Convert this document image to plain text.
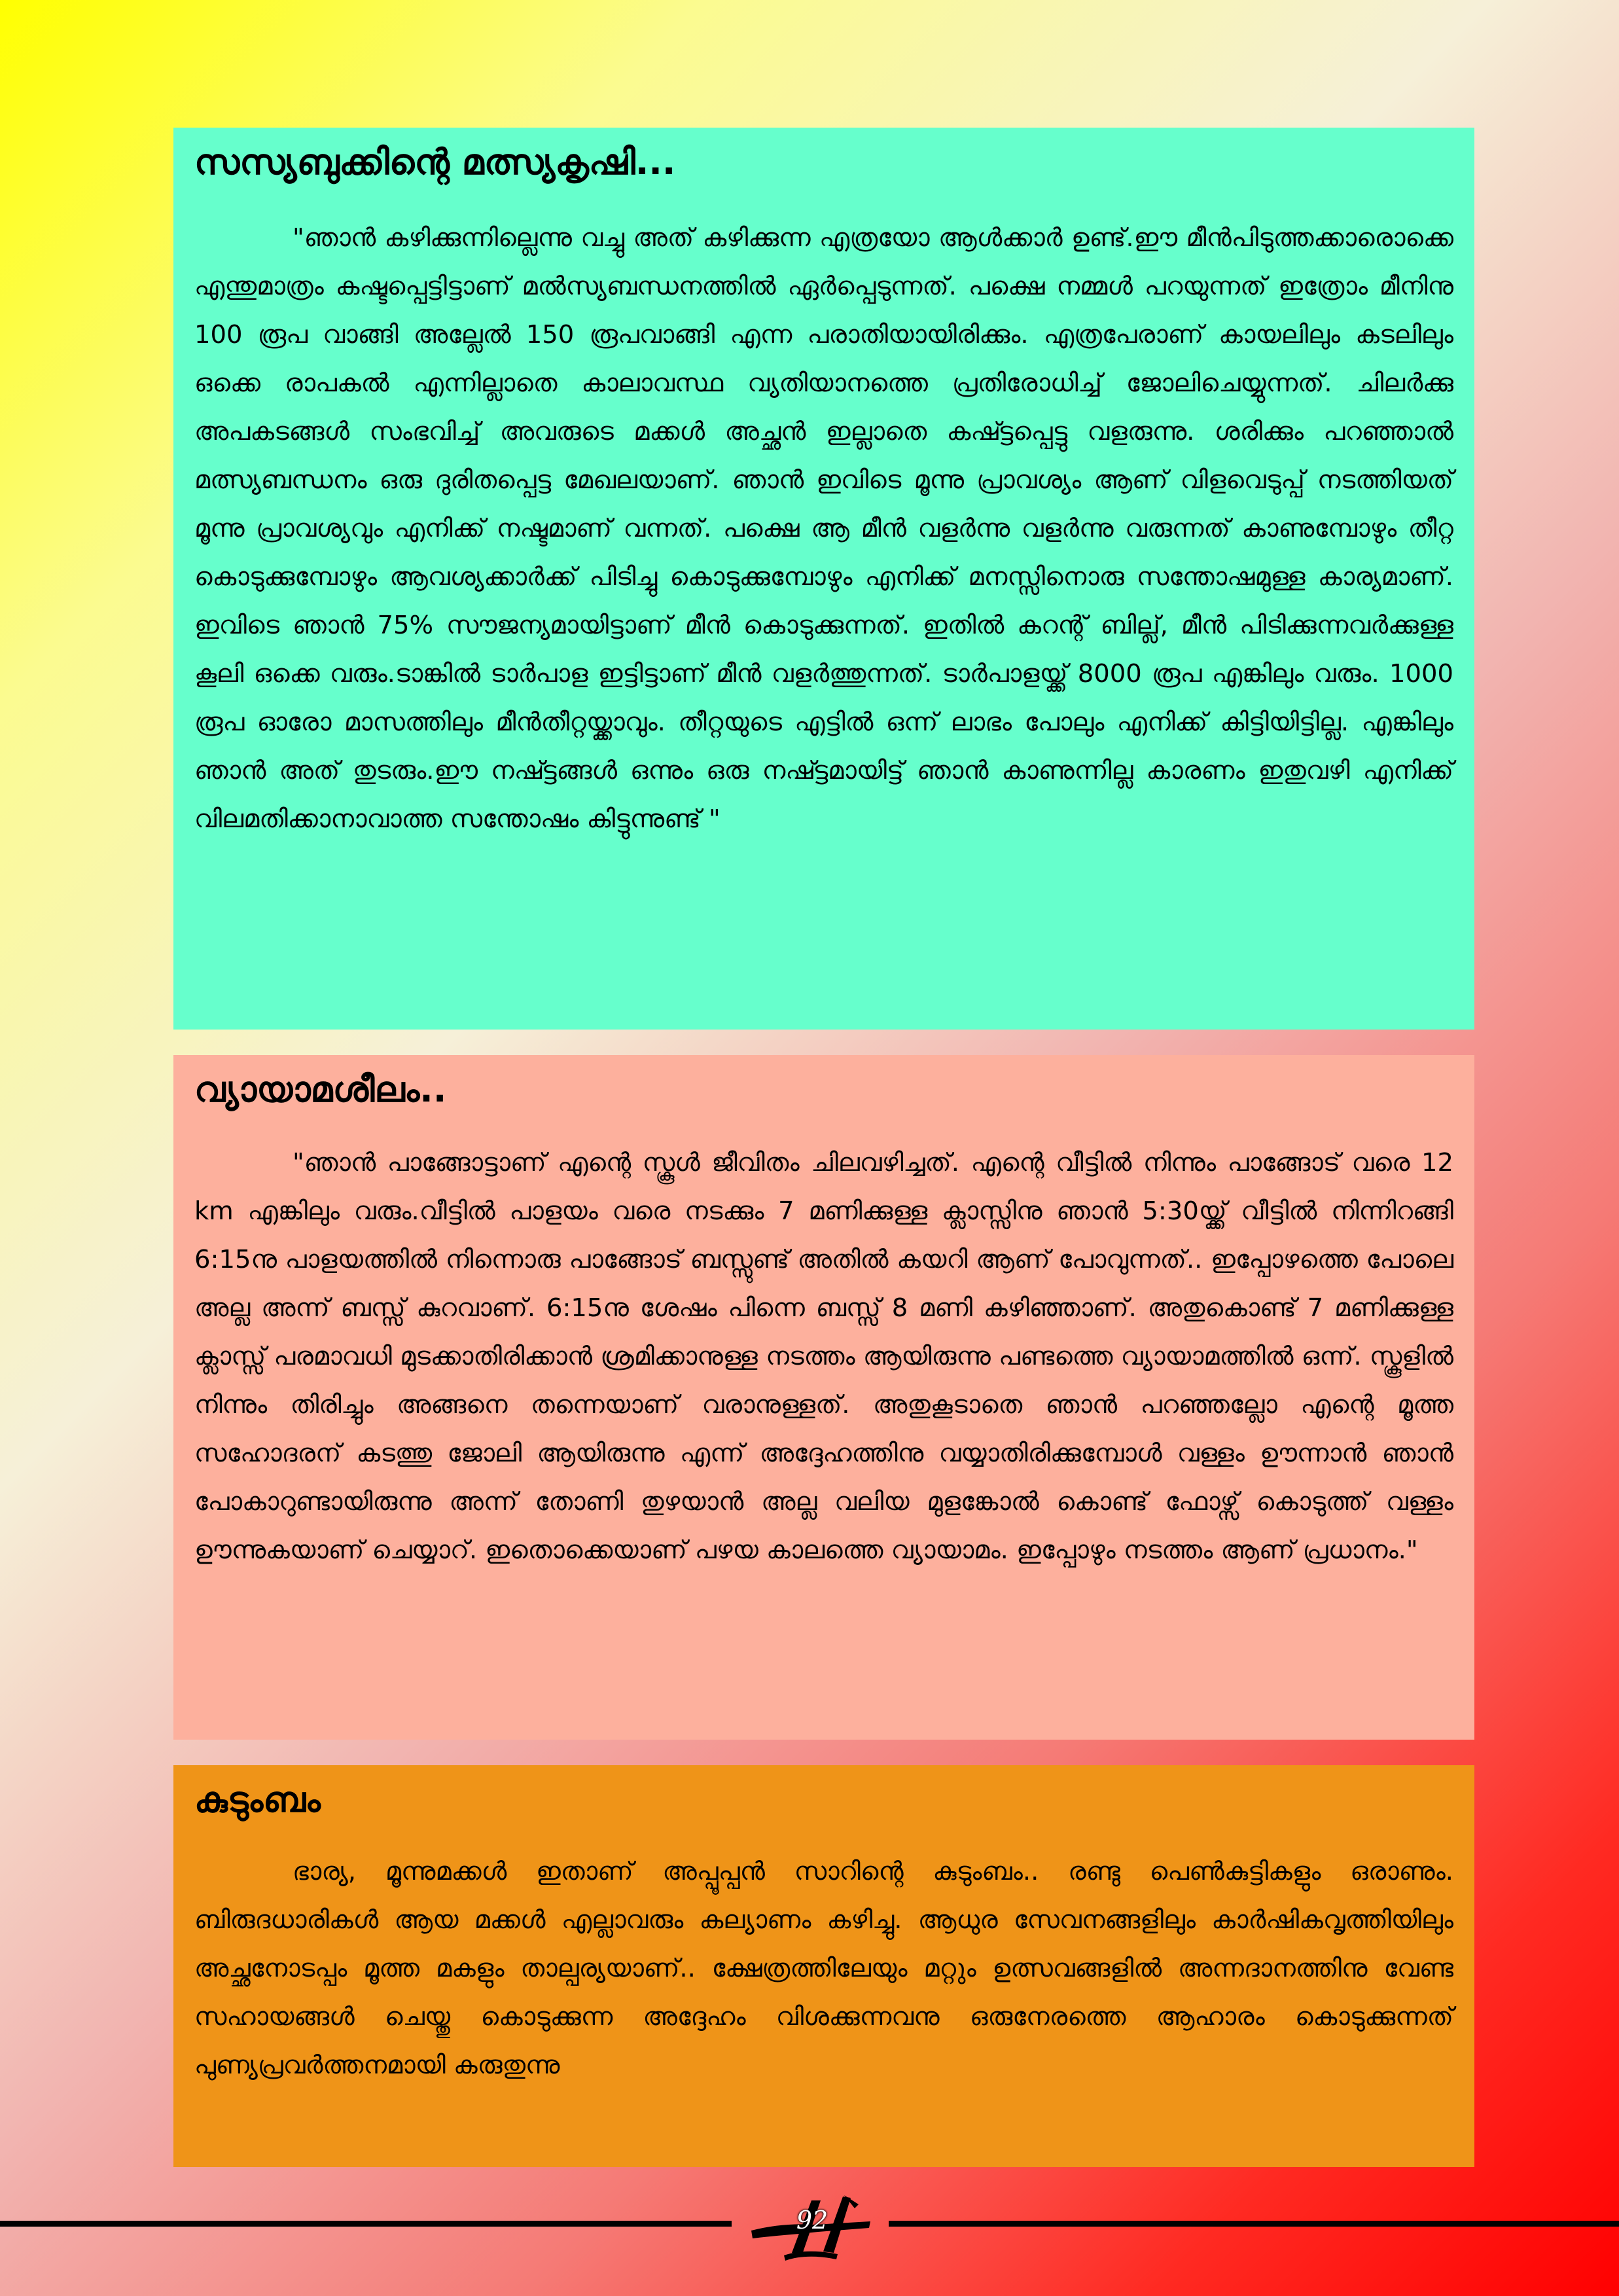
സസ്യബുക്കിന്റെ മത്സ്യകൃഷി...

"ഞാൻ കഴിക്കുന്നില്ലെന്നു വച്ചു അത് കഴിക്കുന്ന എത്രയോ ആൾക്കാർ ഉണ്ട്.ഈ മീൻപിടുത്തക്കാരൊക്കെ എന്തുമാത്രം കഷ്ടപ്പെട്ടിട്ടാണ് മൽസ്യബന്ധനത്തിൽ ഏർപ്പെടുന്നത്. പക്ഷെ നമ്മൾ പറയുന്നത് ഇത്രോം മീനിനു 100 രൂപ വാങ്ങി അല്ലേൽ 150 രൂപവാങ്ങി എന്ന പരാതിയായിരിക്കും. എത്രപേരാണ് കായലിലും കടലിലും ഒക്കെ രാപകൽ എന്നില്ലാതെ കാലാവസ്ഥ വ്യതിയാനത്തെ പ്രതിരോധിച്ച് ജോലിചെയ്യുന്നത്. ചിലർക്കു അപകടങ്ങൾ സംഭവിച്ച് അവരുടെ മക്കൾ അച്ഛൻ ഇല്ലാതെ കഷ്ട്ടപ്പെട്ടു വളരുന്നു. ശരിക്കും പറഞ്ഞാൽ മത്സ്യബന്ധനം ഒരു ദുരിതപ്പെട്ട മേഖലയാണ്. ഞാൻ ഇവിടെ മൂന്നു പ്രാവശ്യം ആണ് വിളവെടുപ്പ് നടത്തിയത് മൂന്നു പ്രാവശ്യവും എനിക്ക് നഷ്ടമാണ് വന്നത്. പക്ഷെ ആ മീൻ വളർന്നു വളർന്നു വരുന്നത് കാണുമ്പോഴും തീറ്റ കൊടുക്കുമ്പോഴും ആവശ്യക്കാർക്ക് പിടിച്ചു കൊടുക്കുമ്പോഴും എനിക്ക് മനസ്സിനൊരു സന്തോഷമുള്ള കാര്യമാണ്. ഇവിടെ ഞാൻ 75% സൗജന്യമായിട്ടാണ് മീൻ കൊടുക്കുന്നത്. ഇതിൽ കറന്റ് ബില്ല്, മീൻ പിടിക്കുന്നവർക്കുള്ള കൂലി ഒക്കെ വരും.ടാങ്കിൽ ടാർപാള ഇട്ടിട്ടാണ് മീൻ വളർത്തുന്നത്. ടാർപാളയ്ക്ക് 8000 രൂപ എങ്കിലും വരും. 1000 രൂപ ഓരോ മാസത്തിലും മീൻതീറ്റയ്ക്കാവും. തീറ്റയുടെ എട്ടിൽ ഒന്ന് ലാഭം പോലും എനിക്ക് കിട്ടിയിട്ടില്ല. എങ്കിലും ഞാൻ അത് തുടരും.ഈ നഷ്ട്ടങ്ങൾ ഒന്നും ഒരു നഷ്ട്ടമായിട്ട് ഞാൻ കാണുന്നില്ല കാരണം ഇതുവഴി എനിക്ക് വിലമതിക്കാനാവാത്ത സന്തോഷം കിട്ടുന്നുണ്ട് "

വ്യായാമശീലം..

"ഞാൻ പാങ്ങോട്ടാണ് എന്റെ സ്കൂൾ ജീവിതം ചിലവഴിച്ചത്. എന്റെ വീട്ടിൽ നിന്നും പാങ്ങോട് വരെ 12 km എങ്കിലും വരും.വീട്ടിൽ പാളയം വരെ നടക്കും 7 മണിക്കുള്ള ക്ലാസ്സിനു ഞാൻ 5:30യ്ക്ക് വീട്ടിൽ നിന്നിറങ്ങി 6:15നു പാളയത്തിൽ നിന്നൊരു പാങ്ങോട് ബസ്സുണ്ട് അതിൽ കയറി ആണ് പോവുന്നത്.. ഇപ്പോഴത്തെ പോലെ അല്ല അന്ന് ബസ്സ് കുറവാണ്. 6:15നു ശേഷം പിന്നെ ബസ്സ് 8 മണി കഴിഞ്ഞാണ്. അതുകൊണ്ട് 7 മണിക്കുള്ള ക്ലാസ്സ് പരമാവധി മുടക്കാതിരിക്കാൻ ശ്രമിക്കാനുള്ള നടത്തം ആയിരുന്നു പണ്ടത്തെ വ്യായാമത്തിൽ ഒന്ന്. സ്കൂളിൽ നിന്നും തിരിച്ചും അങ്ങനെ തന്നെയാണ് വരാനുള്ളത്. അതുകൂടാതെ ഞാൻ പറഞ്ഞല്ലോ എന്റെ മൂത്ത സഹോദരന് കടത്തു ജോലി ആയിരുന്നു എന്ന് അദ്ദേഹത്തിനു വയ്യാതിരിക്കുമ്പോൾ വള്ളം ഊന്നാൻ ഞാൻ പോകാറുണ്ടായിരുന്നു അന്ന് തോണി തുഴയാൻ അല്ല വലിയ മുളങ്കോൽ കൊണ്ട് ഫോഴ്സ് കൊടുത്ത് വള്ളം ഊന്നുകയാണ് ചെയ്യാറ്. ഇതൊക്കെയാണ് പഴയ കാലത്തെ വ്യായാമം. ഇപ്പോഴും നടത്തം ആണ് പ്രധാനം."

കുടുംബം

ഭാര്യ, മൂന്നുമക്കൾ ഇതാണ് അപ്പൂപ്പൻ സാറിന്റെ കുടുംബം.. രണ്ടു പെൺകുട്ടികളും ഒരാണും. ബിരുദധാരികൾ ആയ മക്കൾ എല്ലാവരും കല്യാണം കഴിച്ചു. ആധുര സേവനങ്ങളിലും കാർഷികവൃത്തിയിലും അച്ഛനോടപ്പം മൂത്ത മകളും താല്പര്യയാണ്.. ക്ഷേത്രത്തിലേയും മറ്റും ഉത്സവങ്ങളിൽ അന്നദാനത്തിനു വേണ്ട സഹായങ്ങൾ ചെയ്തു കൊടുക്കുന്ന അദ്ദേഹം വിശക്കുന്നവനു ഒരുനേരത്തെ ആഹാരം കൊടുക്കുന്നത് പുണ്യപ്രവർത്തനമായി കരുതുന്നു

92
